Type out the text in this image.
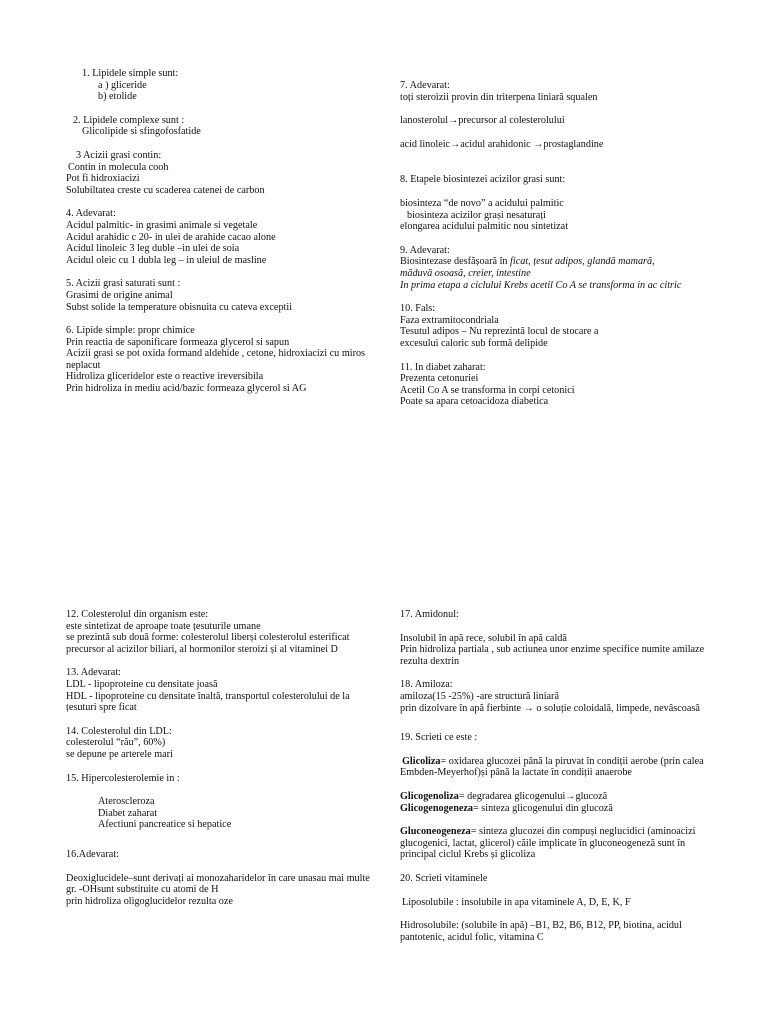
1. Lipidele simple sunt:
a ) gliceride
b) etolide
2. Lipidele complexe sunt :
Glicolipide si sfingofosfatide
3 Acizii grasi contin:
Contin in molecula cooh
Pot fi hidroxiacizi
Solubiltatea creste cu scaderea catenei de carbon
4. Adevarat:
Acidul palmitic- in grasimi animale si vegetale
Acidul arahidic c 20- in ulei de arahide cacao alone
Acidul linoleic 3 leg duble –in ulei de soia
Acidul oleic cu 1 dubla leg – in uleiul de masline
5. Acizii grasi saturati sunt :
Grasimi de origine animal
Subst solide la temperature obisnuita cu cateva exceptii
6. Lipide simple: propr chimice
Prin reactia de saponificare formeaza glycerol si sapun
Acizii grasi se pot oxida formand aldehide , cetone, hidroxiacizi cu miros neplacut
Hidroliza gliceridelor este o reactive ireversibila
Prin hidroliza in mediu acid/bazic formeaza glycerol si AG
7. Adevarat:
toți steroizii provin din triterpena liniară squalen
lanosterolul→precursor al colesterolului
acid linoleic→acidul arahidonic →prostaglandine
8. Etapele biosintezei acizilor grasi sunt:
biosinteza “de novo” a acidului palmitic
biosinteza acizilor grași nesaturați
elongarea acidului palmitic nou sintetizat
9. Adevarat:
Biosintezase desfășoară în ficat, țesut adipos, glandă mamară,
măduvă osoasă, creier, intestine
In prima etapa a ciclului Krebs acetil Co A se transforma in ac citric
10. Fals:
Faza extramitocondriala
Tesutul adipos – Nu reprezintă locul de stocare a
excesului caloric sub formă delipide
11. In diabet zaharat:
Prezenta cetonuriei
Acetil Co A se transforma in corpi cetonici
Poate sa apara cetoacidoza diabetica
12. Colesterolul din organism este:
este sintetizat de aproape toate țesuturile umane
se prezintă sub două forme: colesterolul liberși colesterolul esterificat
precursor al acizilor biliari, al hormonilor steroizi și al vitaminei D
13. Adevarat:
LDL - lipoproteine cu densitate joasă
HDL - lipoproteine cu densitate înaltă, transportul colesterolului de la țesuturi spre ficat
14. Colesterolul din LDL:
colesterolul “rău”, 60%)
se depune pe arterele mari
15. Hipercolesterolemie in :
Ateroscleroza
Diabet zaharat
Afectiuni pancreatice si hepatice
16.Adevarat:
Deoxiglucidele–sunt derivați ai monozaharidelor în care unasau mai multe
gr. -OHsunt substituite cu atomi de H
prin hidroliza oligoglucidelor rezulta oze
17. Amidonul:
Insolubil în apă rece, solubil în apă caldă
Prin hidroliza partiala , sub actiunea unor enzime specifice numite amilaze rezulta dextrin
18. Amiloza:
amiloza(15 -25%) -are structură liniară
prin dizolvare în apă fierbinte → o soluție coloidală, limpede, nevâscoasă
19. Scrieti ce este :
Glicoliza= oxidarea glucozei până la piruvat în condiții aerobe (prin calea Embden-Meyerhof)și până la lactate în condiții anaerobe
Glicogenoliza= degradarea glicogenului→glucoză
Glicogenogeneza= sinteza glicogenului din glucoză
Gluconeogeneza= sinteza glucozei din compuși neglucidici (aminoacizi glucogenici, lactat, glicerol) căile implicate în gluconeogeneză sunt în principal ciclul Krebs și glicoliza
20. Scrieti vitaminele
Liposolubile : insolubile in apa vitaminele A, D, E, K, F
Hidrosolubile: (solubile în apă) –B1, B2, B6, B12, PP, biotina, acidul pantotenic, acidul folic, vitamina C
